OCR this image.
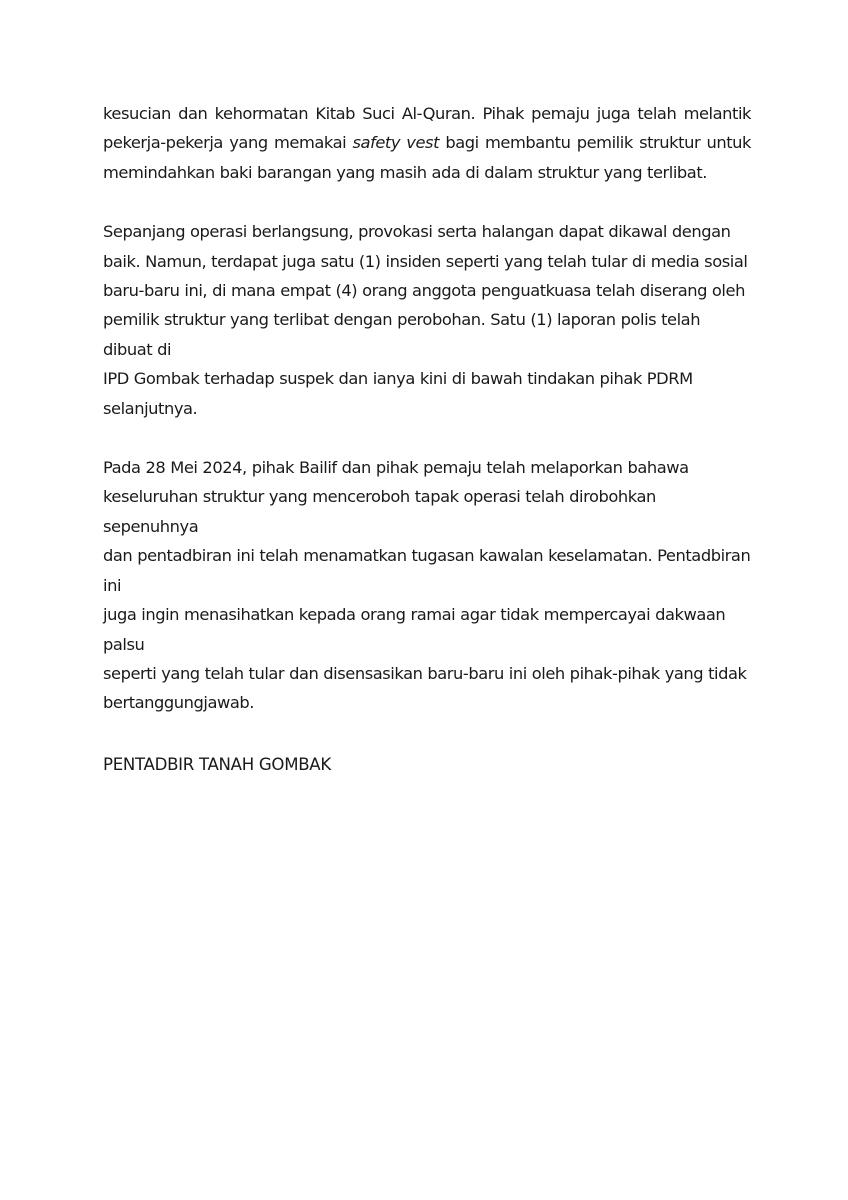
kesucian dan kehormatan Kitab Suci Al-Quran. Pihak pemaju juga telah melantik pekerja-pekerja yang memakai safety vest bagi membantu pemilik struktur untuk memindahkan baki barangan yang masih ada di dalam struktur yang terlibat.

Sepanjang operasi berlangsung, provokasi serta halangan dapat dikawal dengan
baik. Namun, terdapat juga satu (1) insiden seperti yang telah tular di media sosial
baru-baru ini, di mana empat (4) orang anggota penguatkuasa telah diserang oleh
pemilik struktur yang terlibat dengan perobohan. Satu (1) laporan polis telah dibuat di
IPD Gombak terhadap suspek dan ianya kini di bawah tindakan pihak PDRM
selanjutnya.

Pada 28 Mei 2024, pihak Bailif dan pihak pemaju telah melaporkan bahawa
keseluruhan struktur yang menceroboh tapak operasi telah dirobohkan sepenuhnya
dan pentadbiran ini telah menamatkan tugasan kawalan keselamatan. Pentadbiran ini
juga ingin menasihatkan kepada orang ramai agar tidak mempercayai dakwaan palsu
seperti yang telah tular dan disensasikan baru-baru ini oleh pihak-pihak yang tidak
bertanggungjawab.

PENTADBIR TANAH GOMBAK
